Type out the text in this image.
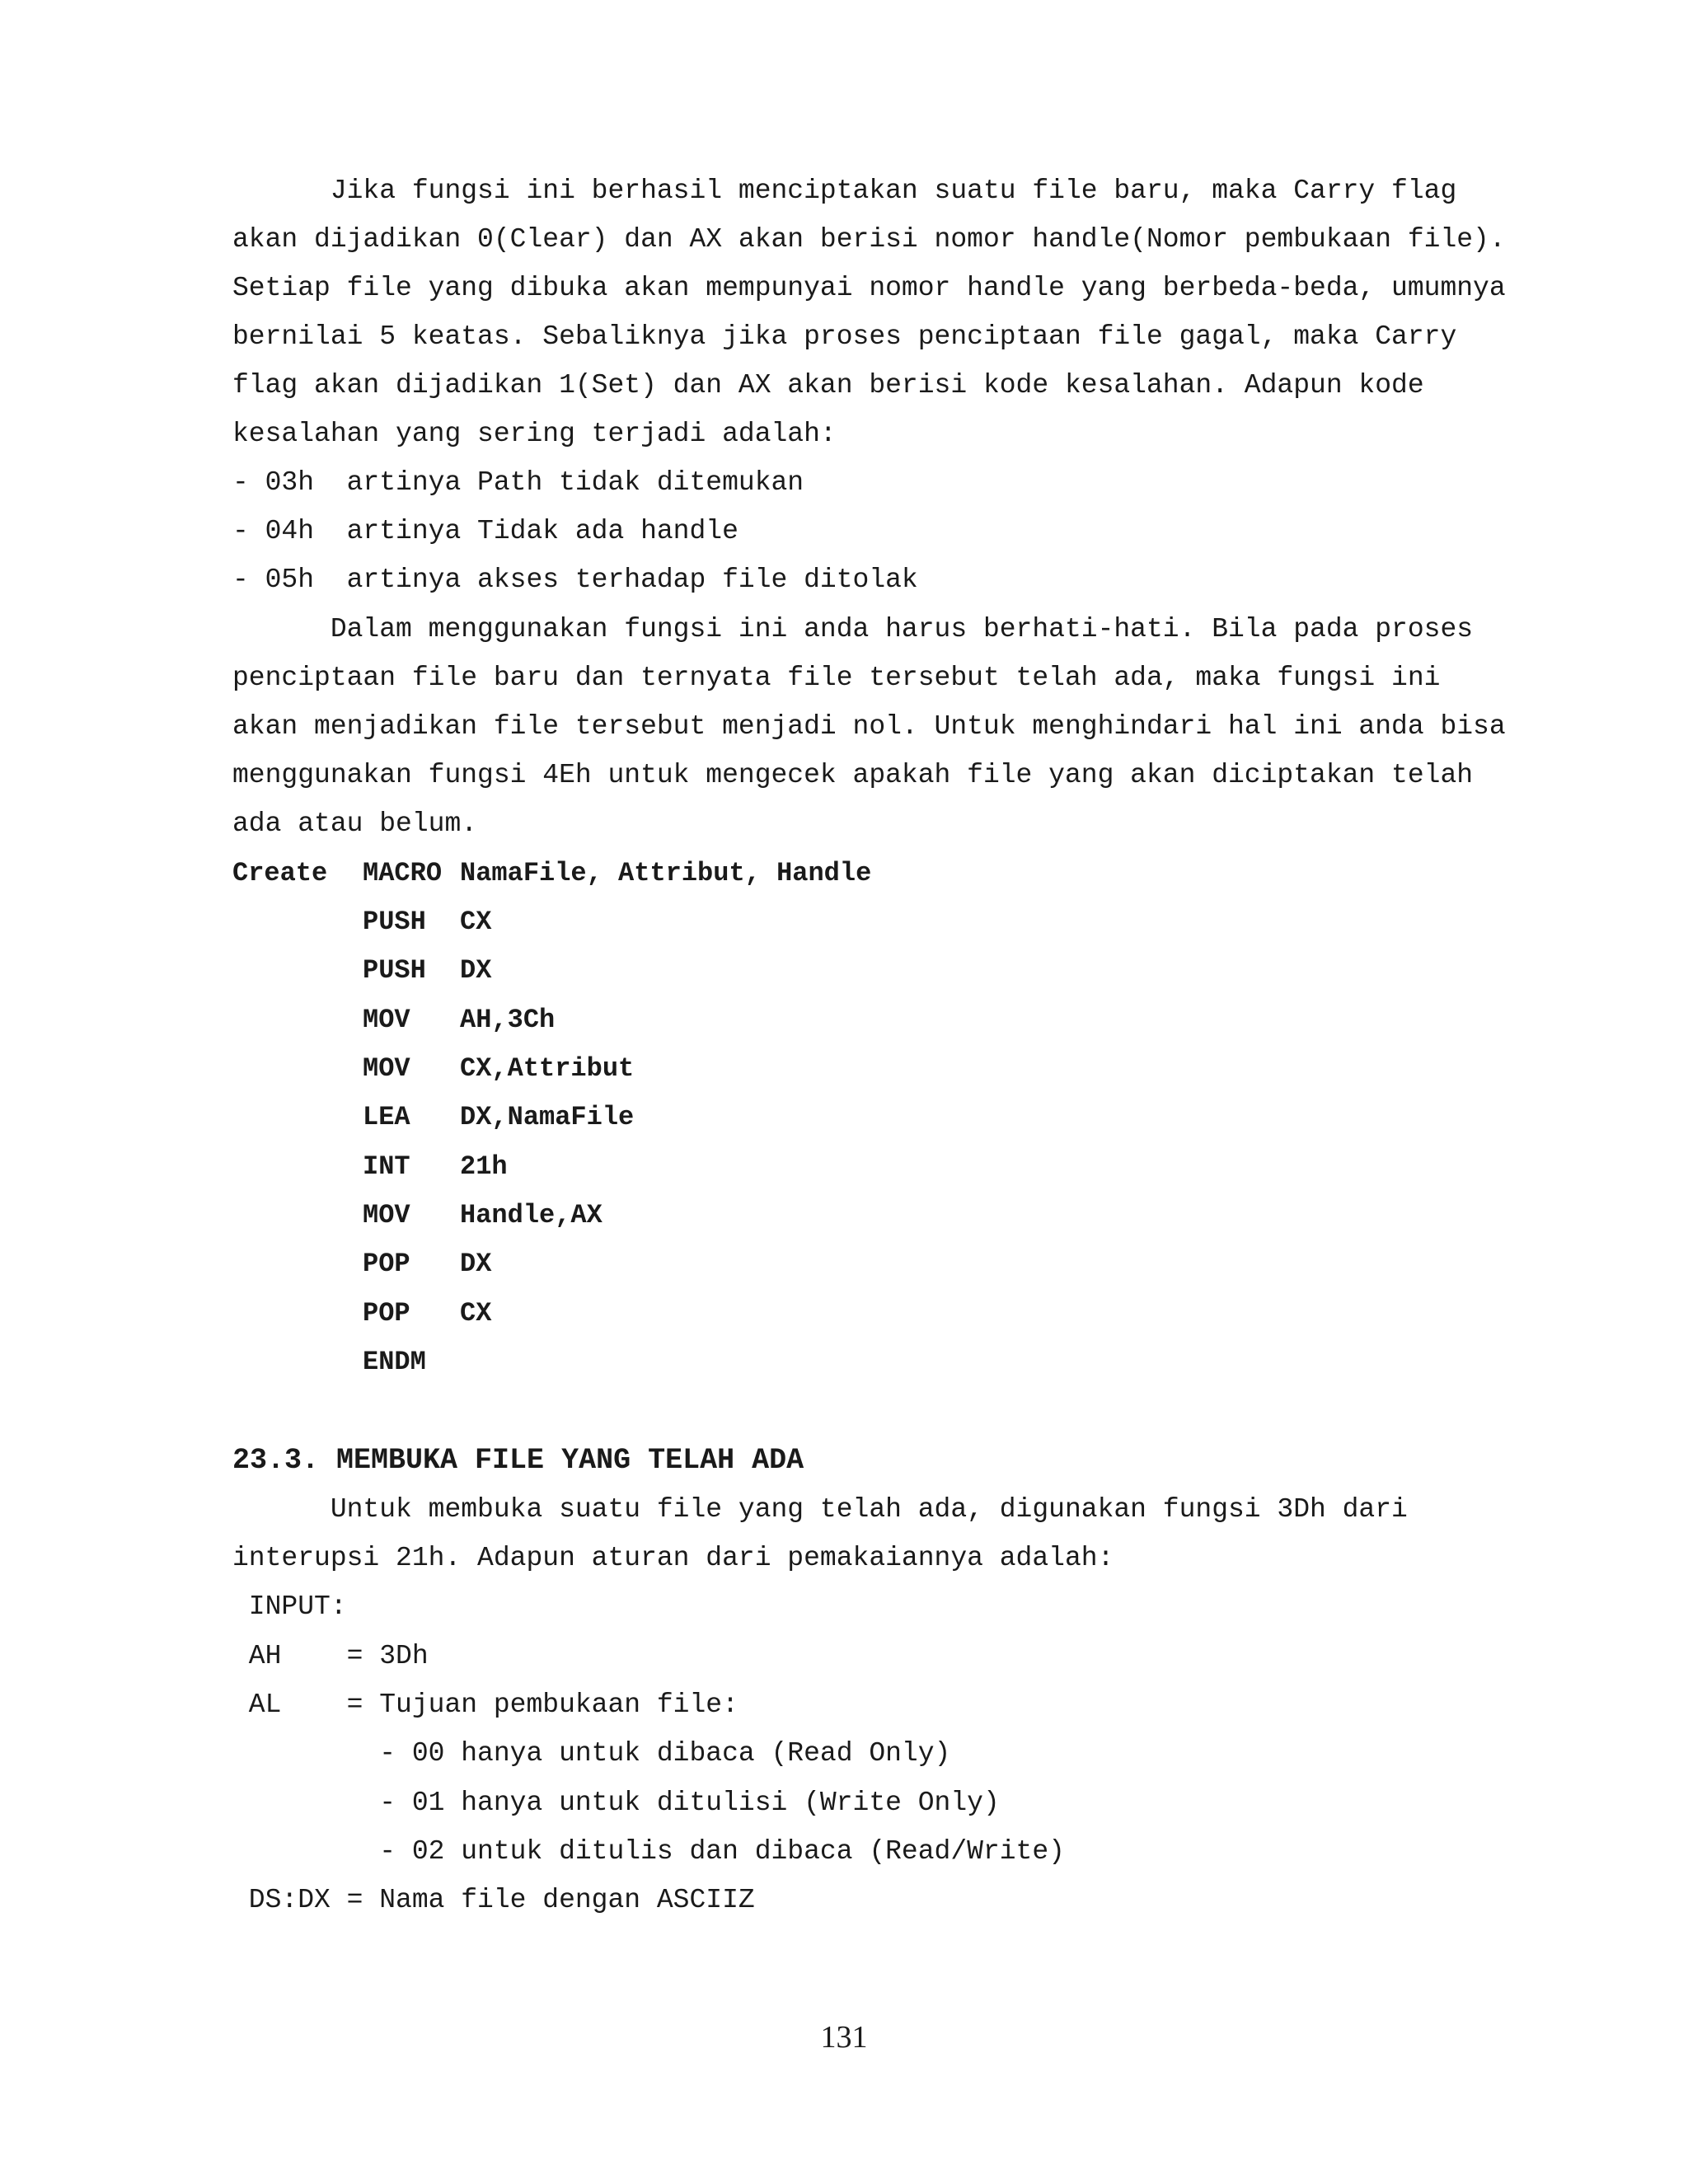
Jika fungsi ini berhasil menciptakan suatu file baru, maka Carry flag
akan dijadikan 0(Clear) dan AX akan berisi nomor handle(Nomor pembukaan file).
Setiap file yang dibuka akan mempunyai nomor handle yang berbeda-beda, umumnya
bernilai 5 keatas. Sebaliknya jika proses penciptaan file gagal, maka Carry
flag akan dijadikan 1(Set) dan AX akan berisi kode kesalahan. Adapun kode
kesalahan yang sering terjadi adalah:
- 03h  artinya Path tidak ditemukan
- 04h  artinya Tidak ada handle
- 05h  artinya akses terhadap file ditolak
Dalam menggunakan fungsi ini anda harus berhati-hati. Bila pada proses
penciptaan file baru dan ternyata file tersebut telah ada, maka fungsi ini
akan menjadikan file tersebut menjadi nol. Untuk menghindari hal ini anda bisa
menggunakan fungsi 4Eh untuk mengecek apakah file yang akan diciptakan telah
ada atau belum.
Create MACRO NamaFile, Attribut, Handle
PUSH CX
PUSH DX
MOV AH,3Ch
MOV CX,Attribut
LEA DX,NamaFile
INT 21h
MOV Handle,AX
POP DX
POP CX
ENDM
23.3. MEMBUKA FILE YANG TELAH ADA
Untuk membuka suatu file yang telah ada, digunakan fungsi 3Dh dari
interupsi 21h. Adapun aturan dari pemakaiannya adalah:
INPUT:
AH    = 3Dh
AL    = Tujuan pembukaan file:
- 00 hanya untuk dibaca (Read Only)
- 01 hanya untuk ditulisi (Write Only)
- 02 untuk ditulis dan dibaca (Read/Write)
DS:DX = Nama file dengan ASCIIZ
131
